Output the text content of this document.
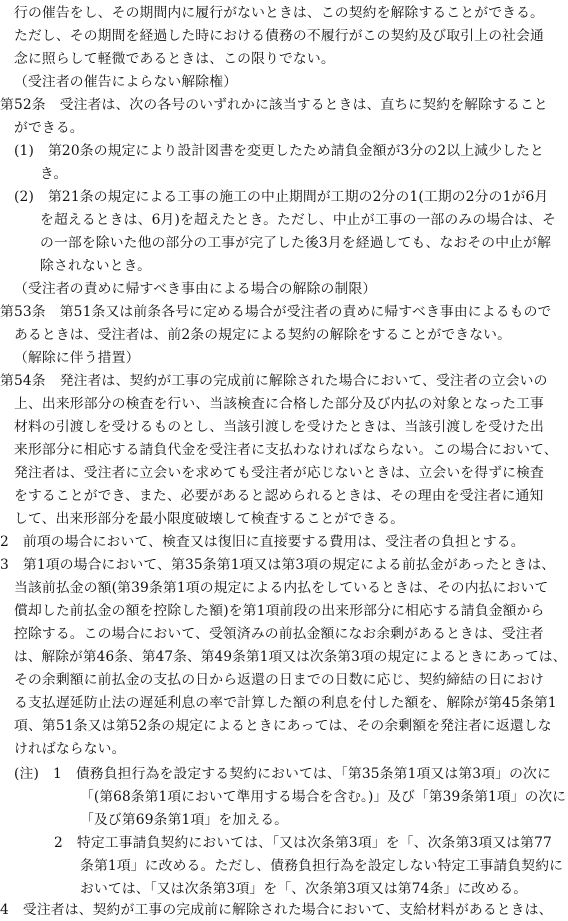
行の催告をし、その期間内に履行がないときは、この契約を解除することができる。
ただし、その期間を経過した時における債務の不履行がこの契約及び取引上の社会通
念に照らして軽微であるときは、この限りでない。
（受注者の催告によらない解除権）
第52条　受注者は、次の各号のいずれかに該当するときは、直ちに契約を解除すること
ができる。
(1)　第20条の規定により設計図書を変更したため請負金額が3分の2以上減少したと
き。
(2)　第21条の規定による工事の施工の中止期間が工期の2分の1(工期の2分の1が6月
を超えるときは、6月)を超えたとき。ただし、中止が工事の一部のみの場合は、そ
の一部を除いた他の部分の工事が完了した後3月を経過しても、なおその中止が解
除されないとき。
（受注者の責めに帰すべき事由による場合の解除の制限）
第53条　第51条又は前条各号に定める場合が受注者の責めに帰すべき事由によるもので
あるときは、受注者は、前2条の規定による契約の解除をすることができない。
（解除に伴う措置）
第54条　発注者は、契約が工事の完成前に解除された場合において、受注者の立会いの
上、出来形部分の検査を行い、当該検査に合格した部分及び内払の対象となった工事
材料の引渡しを受けるものとし、当該引渡しを受けたときは、当該引渡しを受けた出
来形部分に相応する請負代金を受注者に支払わなければならない。この場合において、
発注者は、受注者に立会いを求めても受注者が応じないときは、立会いを得ずに検査
をすることができ、また、必要があると認められるときは、その理由を受注者に通知
して、出来形部分を最小限度破壊して検査することができる。
2　前項の場合において、検査又は復旧に直接要する費用は、受注者の負担とする。
3　第1項の場合において、第35条第1項又は第3項の規定による前払金があったときは、
当該前払金の額(第39条第1項の規定による内払をしているときは、その内払において
償却した前払金の額を控除した額)を第1項前段の出来形部分に相応する請負金額から
控除する。この場合において、受領済みの前払金額になお余剰があるときは、受注者
は、解除が第46条、第47条、第49条第1項又は次条第3項の規定によるときにあっては、
その余剰額に前払金の支払の日から返還の日までの日数に応じ、契約締結の日におけ
る支払遅延防止法の遅延利息の率で計算した額の利息を付した額を、解除が第45条第1
項、第51条又は第52条の規定によるときにあっては、その余剰額を発注者に返還しな
ければならない。
(注)　1　債務負担行為を設定する契約においては、「第35条第1項又は第3項」の次に
「(第68条第1項において準用する場合を含む。)」及び「第39条第1項」の次に
「及び第69条第1項」を加える。
2　特定工事請負契約においては、「又は次条第3項」を「、次条第3項又は第77
条第1項」に改める。ただし、債務負担行為を設定しない特定工事請負契約に
おいては、「又は次条第3項」を「、次条第3項又は第74条」に改める。
4　受注者は、契約が工事の完成前に解除された場合において、支給材料があるときは、
